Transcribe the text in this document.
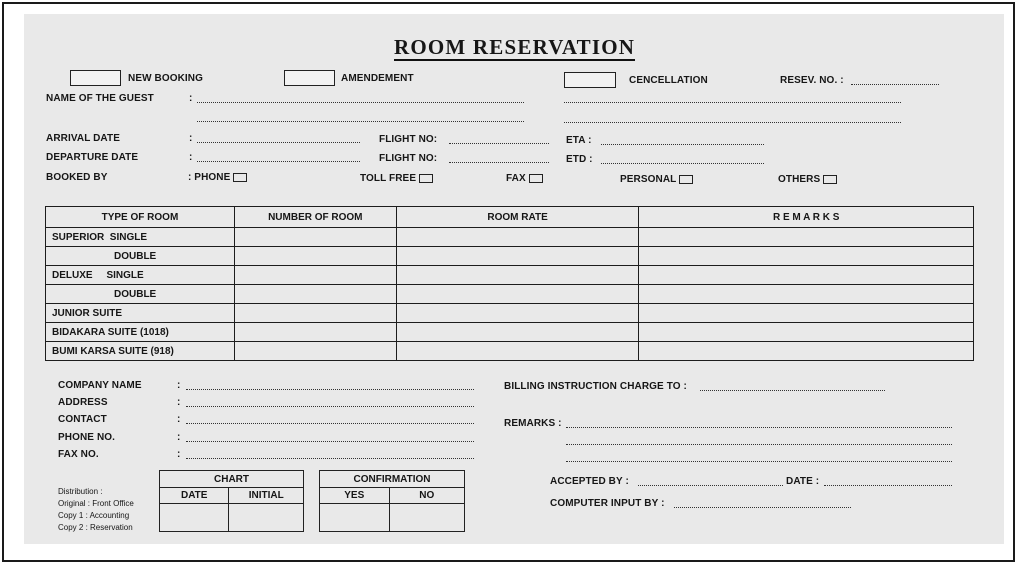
ROOM RESERVATION
NEW BOOKING	AMENDEMENT	CENCELLATION	RESEV. NO. :
NAME OF THE GUEST	:
ARRIVAL DATE	:	FLIGHT NO:	ETA :
DEPARTURE DATE	:	FLIGHT NO:	ETD :
BOOKED BY	: PHONE	TOLL FREE	FAX	PERSONAL	OTHERS
TYPE OF ROOM	NUMBER OF ROOM	ROOM RATE	R E M A R K S
SUPERIOR  SINGLE			
DOUBLE			
DELUXE     SINGLE			
DOUBLE			
JUNIOR SUITE			
BIDAKARA SUITE (1018)			
BUMI KARSA SUITE (918)			
COMPANY NAME	:
ADDRESS	:
CONTACT	:
PHONE NO.	:
FAX NO.	:
BILLING INSTRUCTION CHARGE TO :
REMARKS :
ACCEPTED BY :	DATE :
COMPUTER INPUT BY :
Distribution :
Original : Front Office
Copy 1 : Accounting
Copy 2 : Reservation
CHART	
DATE	INITIAL

CONFIRMATION	
YES	NO
